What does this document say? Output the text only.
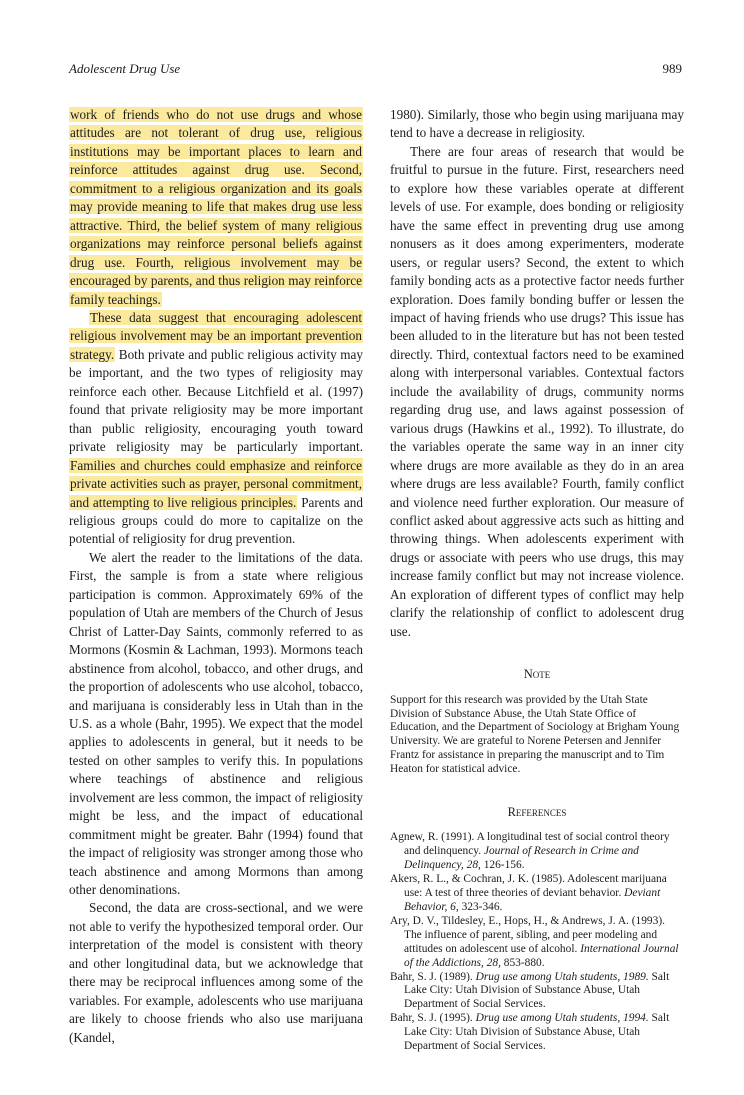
Adolescent Drug Use	989

work of friends who do not use drugs and whose attitudes are not tolerant of drug use, religious institutions may be important places to learn and reinforce attitudes against drug use. Second, commitment to a religious organization and its goals may provide meaning to life that makes drug use less attractive. Third, the belief system of many religious organizations may reinforce personal beliefs against drug use. Fourth, religious involvement may be encouraged by parents, and thus religion may reinforce family teachings.

These data suggest that encouraging adolescent religious involvement may be an important prevention strategy. Both private and public religious activity may be important, and the two types of religiosity may reinforce each other. Because Litchfield et al. (1997) found that private religiosity may be more important than public religiosity, encouraging youth toward private religiosity may be particularly important. Families and churches could emphasize and reinforce private activities such as prayer, personal commitment, and attempting to live religious principles. Parents and religious groups could do more to capitalize on the potential of religiosity for drug prevention.

We alert the reader to the limitations of the data. First, the sample is from a state where religious participation is common. Approximately 69% of the population of Utah are members of the Church of Jesus Christ of Latter-Day Saints, commonly referred to as Mormons (Kosmin & Lachman, 1993). Mormons teach abstinence from alcohol, tobacco, and other drugs, and the proportion of adolescents who use alcohol, tobacco, and marijuana is considerably less in Utah than in the U.S. as a whole (Bahr, 1995). We expect that the model applies to adolescents in general, but it needs to be tested on other samples to verify this. In populations where teachings of abstinence and religious involvement are less common, the impact of religiosity might be less, and the impact of educational commitment might be greater. Bahr (1994) found that the impact of religiosity was stronger among those who teach abstinence and among Mormons than among other denominations.

Second, the data are cross-sectional, and we were not able to verify the hypothesized temporal order. Our interpretation of the model is consistent with theory and other longitudinal data, but we acknowledge that there may be reciprocal influences among some of the variables. For example, adolescents who use marijuana are likely to choose friends who also use marijuana (Kandel,

1980). Similarly, those who begin using marijuana may tend to have a decrease in religiosity.

There are four areas of research that would be fruitful to pursue in the future. First, researchers need to explore how these variables operate at different levels of use. For example, does bonding or religiosity have the same effect in preventing drug use among nonusers as it does among experimenters, moderate users, or regular users? Second, the extent to which family bonding acts as a protective factor needs further exploration. Does family bonding buffer or lessen the impact of having friends who use drugs? This issue has been alluded to in the literature but has not been tested directly. Third, contextual factors need to be examined along with interpersonal variables. Contextual factors include the availability of drugs, community norms regarding drug use, and laws against possession of various drugs (Hawkins et al., 1992). To illustrate, do the variables operate the same way in an inner city where drugs are more available as they do in an area where drugs are less available? Fourth, family conflict and violence need further exploration. Our measure of conflict asked about aggressive acts such as hitting and throwing things. When adolescents experiment with drugs or associate with peers who use drugs, this may increase family conflict but may not increase violence. An exploration of different types of conflict may help clarify the relationship of conflict to adolescent drug use.

Note

Support for this research was provided by the Utah State Division of Substance Abuse, the Utah State Office of Education, and the Department of Sociology at Brigham Young University. We are grateful to Norene Petersen and Jennifer Frantz for assistance in preparing the manuscript and to Tim Heaton for statistical advice.

References

Agnew, R. (1991). A longitudinal test of social control theory and delinquency. Journal of Research in Crime and Delinquency, 28, 126-156.

Akers, R. L., & Cochran, J. K. (1985). Adolescent marijuana use: A test of three theories of deviant behavior. Deviant Behavior, 6, 323-346.

Ary, D. V., Tildesley, E., Hops, H., & Andrews, J. A. (1993). The influence of parent, sibling, and peer modeling and attitudes on adolescent use of alcohol. International Journal of the Addictions, 28, 853-880.

Bahr, S. J. (1989). Drug use among Utah students, 1989. Salt Lake City: Utah Division of Substance Abuse, Utah Department of Social Services.

Bahr, S. J. (1995). Drug use among Utah students, 1994. Salt Lake City: Utah Division of Substance Abuse, Utah Department of Social Services.
